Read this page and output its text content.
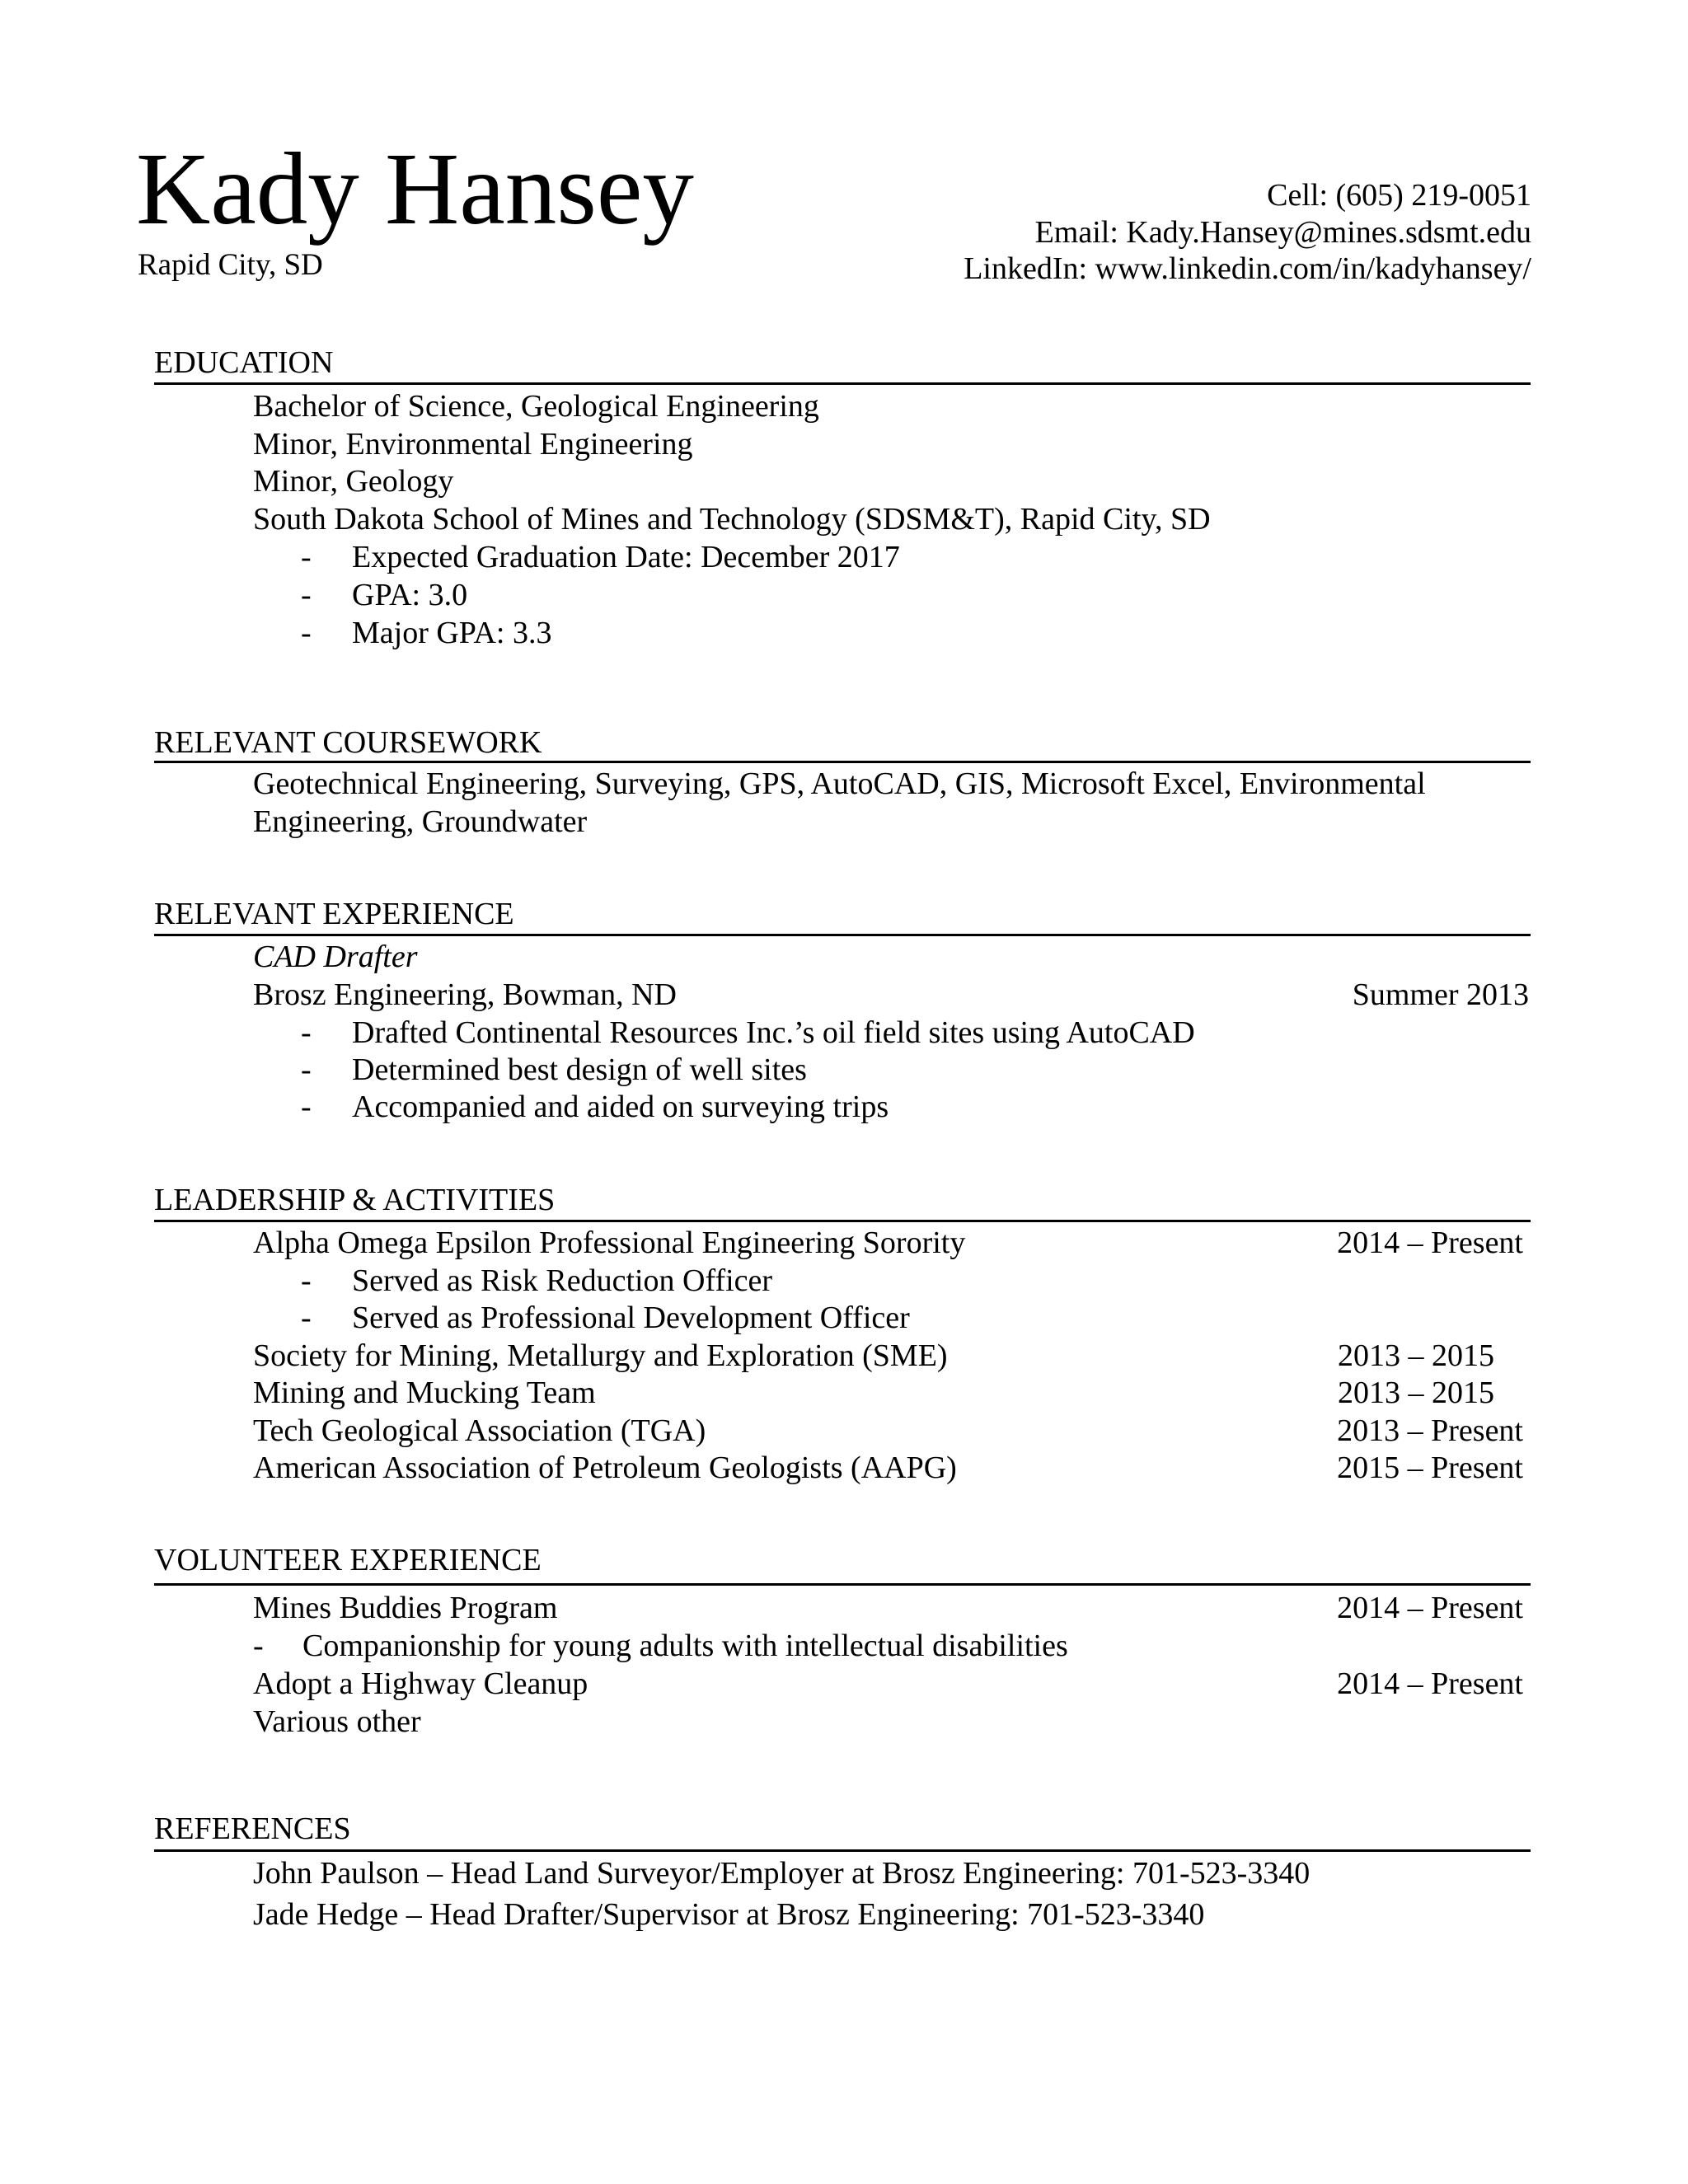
Kady Hansey
Rapid City, SD
Cell: (605) 219-0051
Email: Kady.Hansey@mines.sdsmt.edu
LinkedIn: www.linkedin.com/in/kadyhansey/
EDUCATION
Bachelor of Science, Geological Engineering
Minor, Environmental Engineering
Minor, Geology
South Dakota School of Mines and Technology (SDSM&T), Rapid City, SD
- Expected Graduation Date: December 2017
- GPA: 3.0
- Major GPA: 3.3
RELEVANT COURSEWORK
Geotechnical Engineering, Surveying, GPS, AutoCAD, GIS, Microsoft Excel, Environmental
Engineering, Groundwater
RELEVANT EXPERIENCE
CAD Drafter
Brosz Engineering, Bowman, ND	Summer 2013
- Drafted Continental Resources Inc.’s oil field sites using AutoCAD
- Determined best design of well sites
- Accompanied and aided on surveying trips
LEADERSHIP & ACTIVITIES
Alpha Omega Epsilon Professional Engineering Sorority	2014 – Present
- Served as Risk Reduction Officer
- Served as Professional Development Officer
Society for Mining, Metallurgy and Exploration (SME)	2013 – 2015
Mining and Mucking Team	2013 – 2015
Tech Geological Association (TGA)	2013 – Present
American Association of Petroleum Geologists (AAPG)	2015 – Present
VOLUNTEER EXPERIENCE
Mines Buddies Program	2014 – Present
- Companionship for young adults with intellectual disabilities
Adopt a Highway Cleanup	2014 – Present
Various other
REFERENCES
John Paulson – Head Land Surveyor/Employer at Brosz Engineering: 701-523-3340
Jade Hedge – Head Drafter/Supervisor at Brosz Engineering: 701-523-3340
